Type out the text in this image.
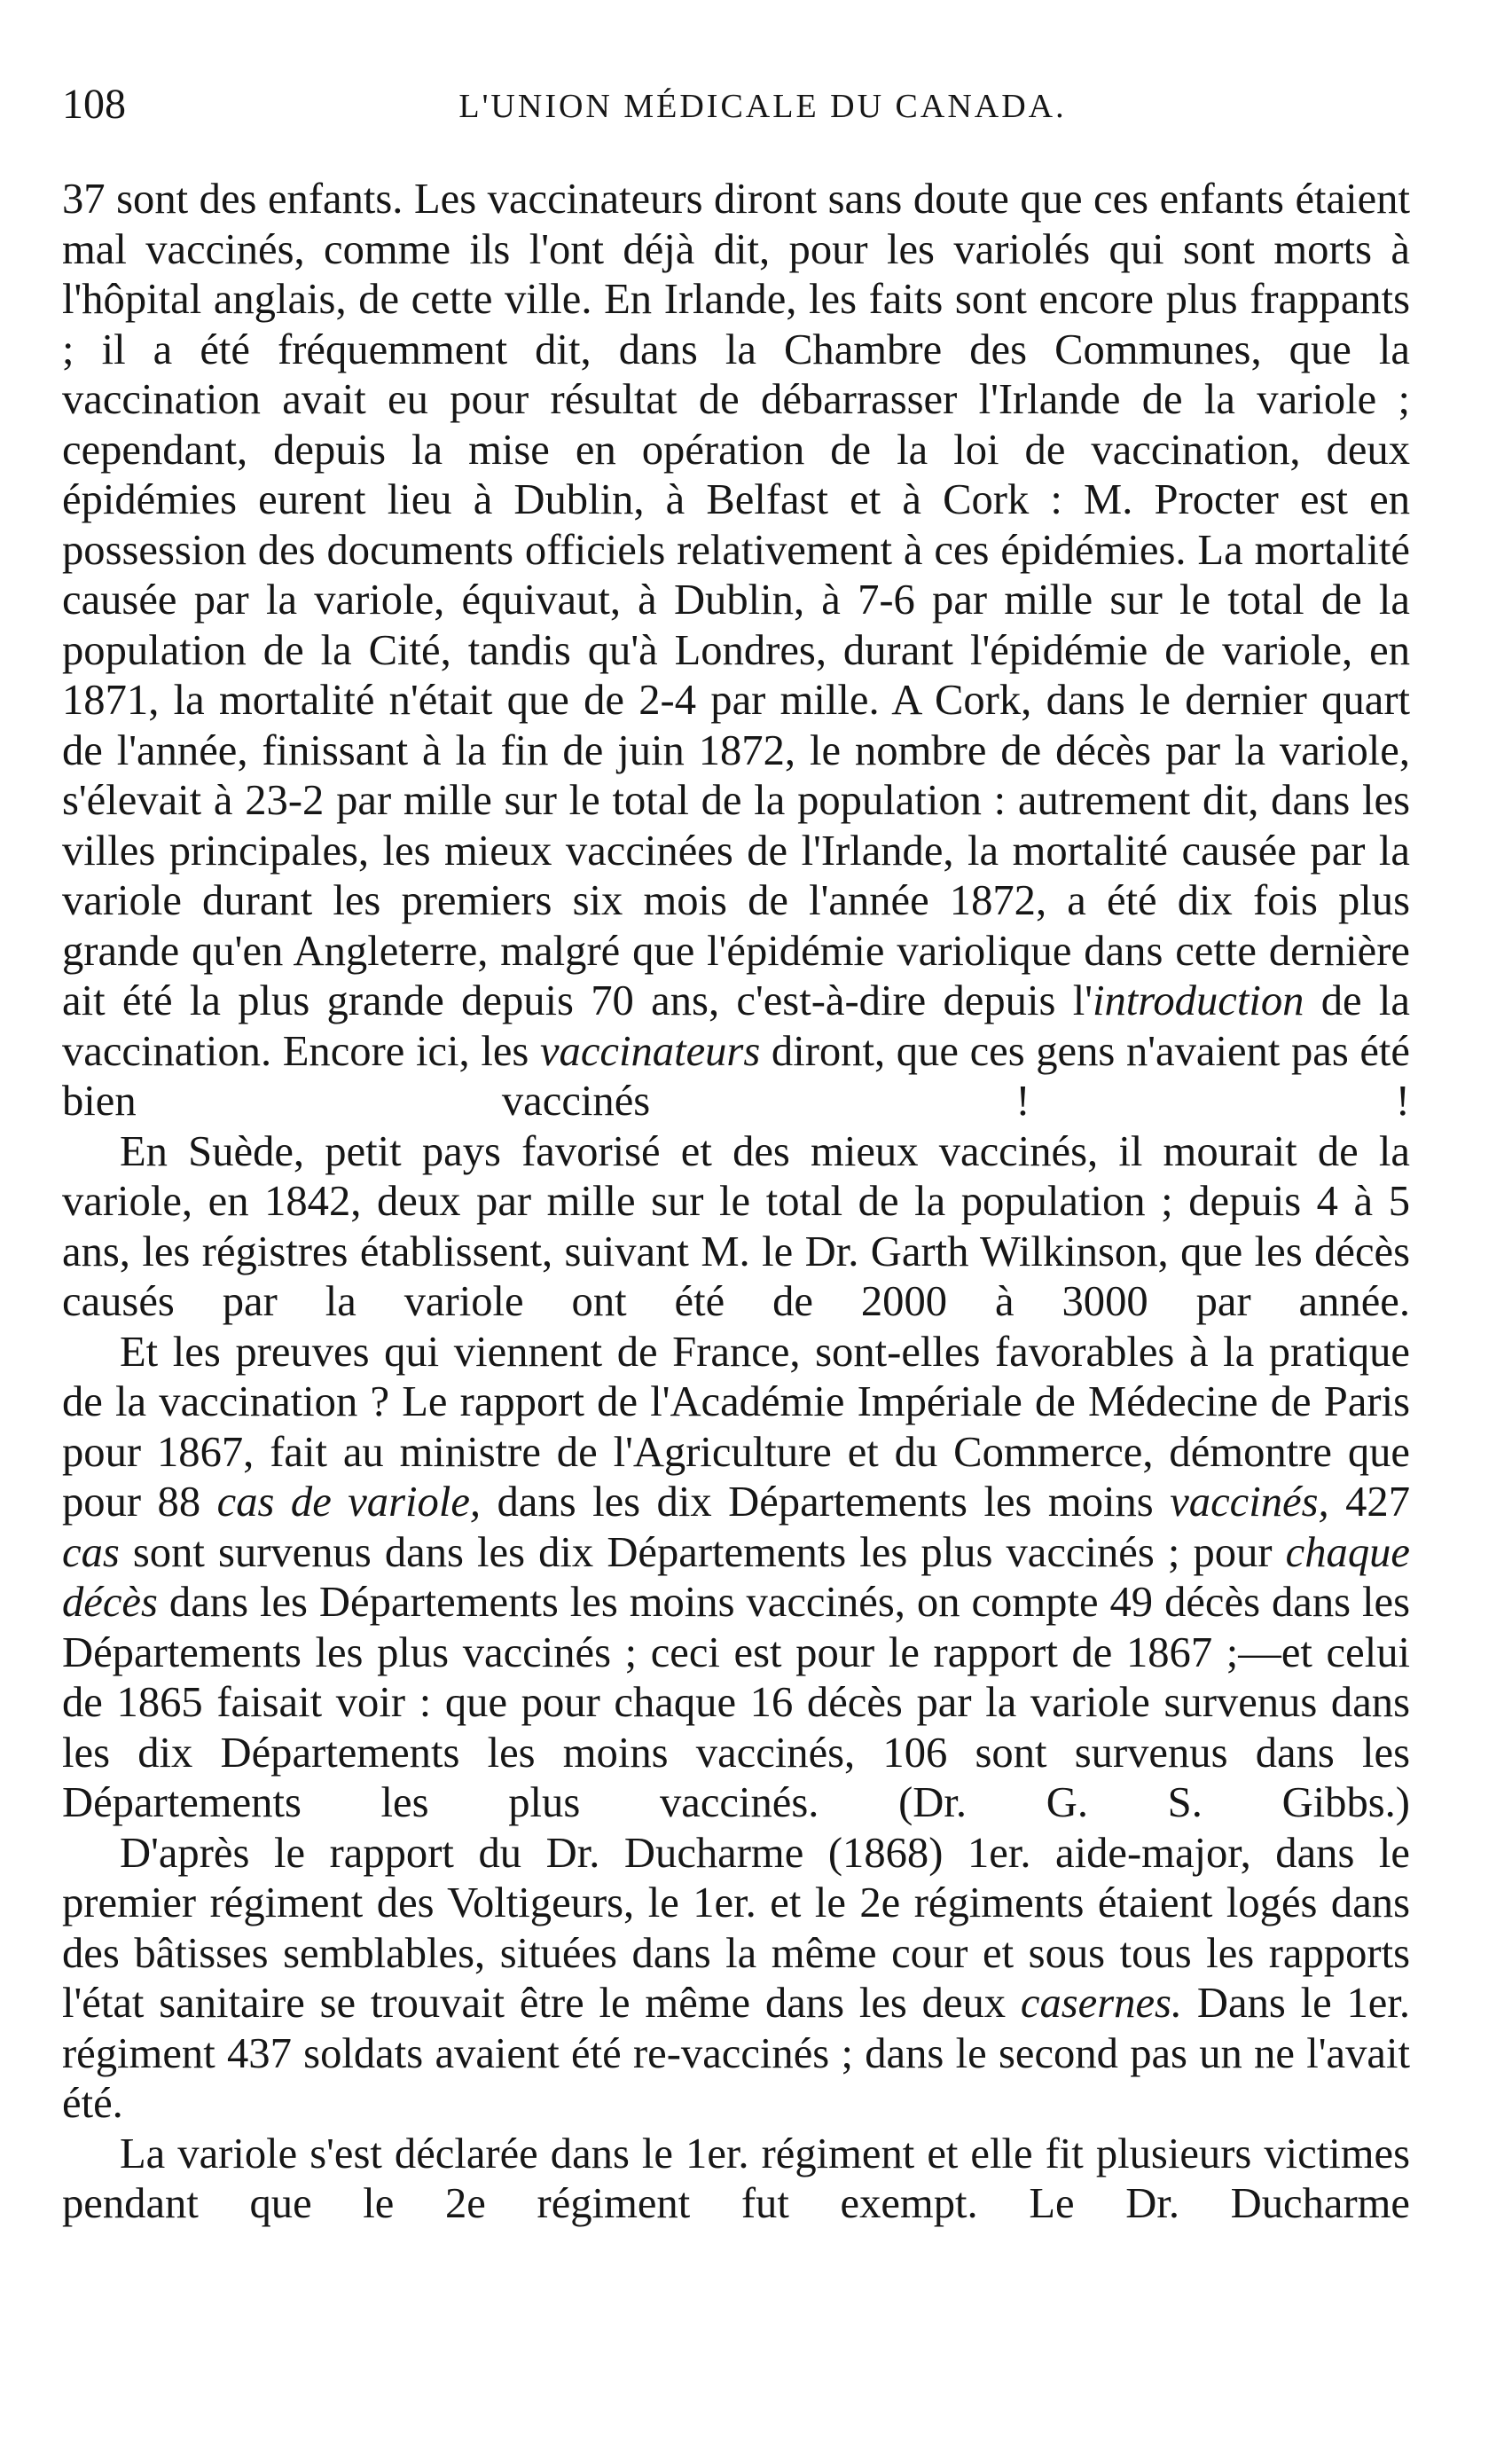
108	L'UNION MÉDICALE DU CANADA.

37 sont des enfants. Les vaccinateurs diront sans doute que ces enfants étaient mal vaccinés, comme ils l'ont déjà dit, pour les variolés qui sont morts à l'hôpital anglais, de cette ville. En Irlande, les faits sont encore plus frappants ; il a été fréquemment dit, dans la Chambre des Communes, que la vaccination avait eu pour résultat de débarrasser l'Irlande de la variole ; cependant, depuis la mise en opération de la loi de vaccination, deux épidémies eurent lieu à Dublin, à Belfast et à Cork : M. Procter est en possession des documents officiels relativement à ces épidémies. La mortalité causée par la variole, équivaut, à Dublin, à 7-6 par mille sur le total de la population de la Cité, tandis qu'à Londres, durant l'épidémie de variole, en 1871, la mortalité n'était que de 2-4 par mille. A Cork, dans le dernier quart de l'année, finissant à la fin de juin 1872, le nombre de décès par la variole, s'élevait à 23-2 par mille sur le total de la population : autrement dit, dans les villes principales, les mieux vaccinées de l'Irlande, la mortalité causée par la variole durant les premiers six mois de l'année 1872, a été dix fois plus grande qu'en Angleterre, malgré que l'épidémie variolique dans cette dernière ait été la plus grande depuis 70 ans, c'est-à-dire depuis l'introduction de la vaccination. Encore ici, les vaccinateurs diront, que ces gens n'avaient pas été bien vaccinés ! !

En Suède, petit pays favorisé et des mieux vaccinés, il mourait de la variole, en 1842, deux par mille sur le total de la population ; depuis 4 à 5 ans, les régistres établissent, suivant M. le Dr. Garth Wilkinson, que les décès causés par la variole ont été de 2000 à 3000 par année.

Et les preuves qui viennent de France, sont-elles favorables à la pratique de la vaccination ? Le rapport de l'Académie Impériale de Médecine de Paris pour 1867, fait au ministre de l'Agriculture et du Commerce, démontre que pour 88 cas de variole, dans les dix Départements les moins vaccinés, 427 cas sont survenus dans les dix Départements les plus vaccinés ; pour chaque décès dans les Départements les moins vaccinés, on compte 49 décès dans les Départements les plus vaccinés ; ceci est pour le rapport de 1867 ;—et celui de 1865 faisait voir : que pour chaque 16 décès par la variole survenus dans les dix Départements les moins vaccinés, 106 sont survenus dans les Départements les plus vaccinés. (Dr. G. S. Gibbs.)

D'après le rapport du Dr. Ducharme (1868) 1er. aide-major, dans le premier régiment des Voltigeurs, le 1er. et le 2e régiments étaient logés dans des bâtisses semblables, situées dans la même cour et sous tous les rapports l'état sanitaire se trouvait être le même dans les deux casernes. Dans le 1er. régiment 437 soldats avaient été re-vaccinés ; dans le second pas un ne l'avait été.

La variole s'est déclarée dans le 1er. régiment et elle fit plusieurs victimes pendant que le 2e régiment fut exempt. Le Dr. Ducharme
